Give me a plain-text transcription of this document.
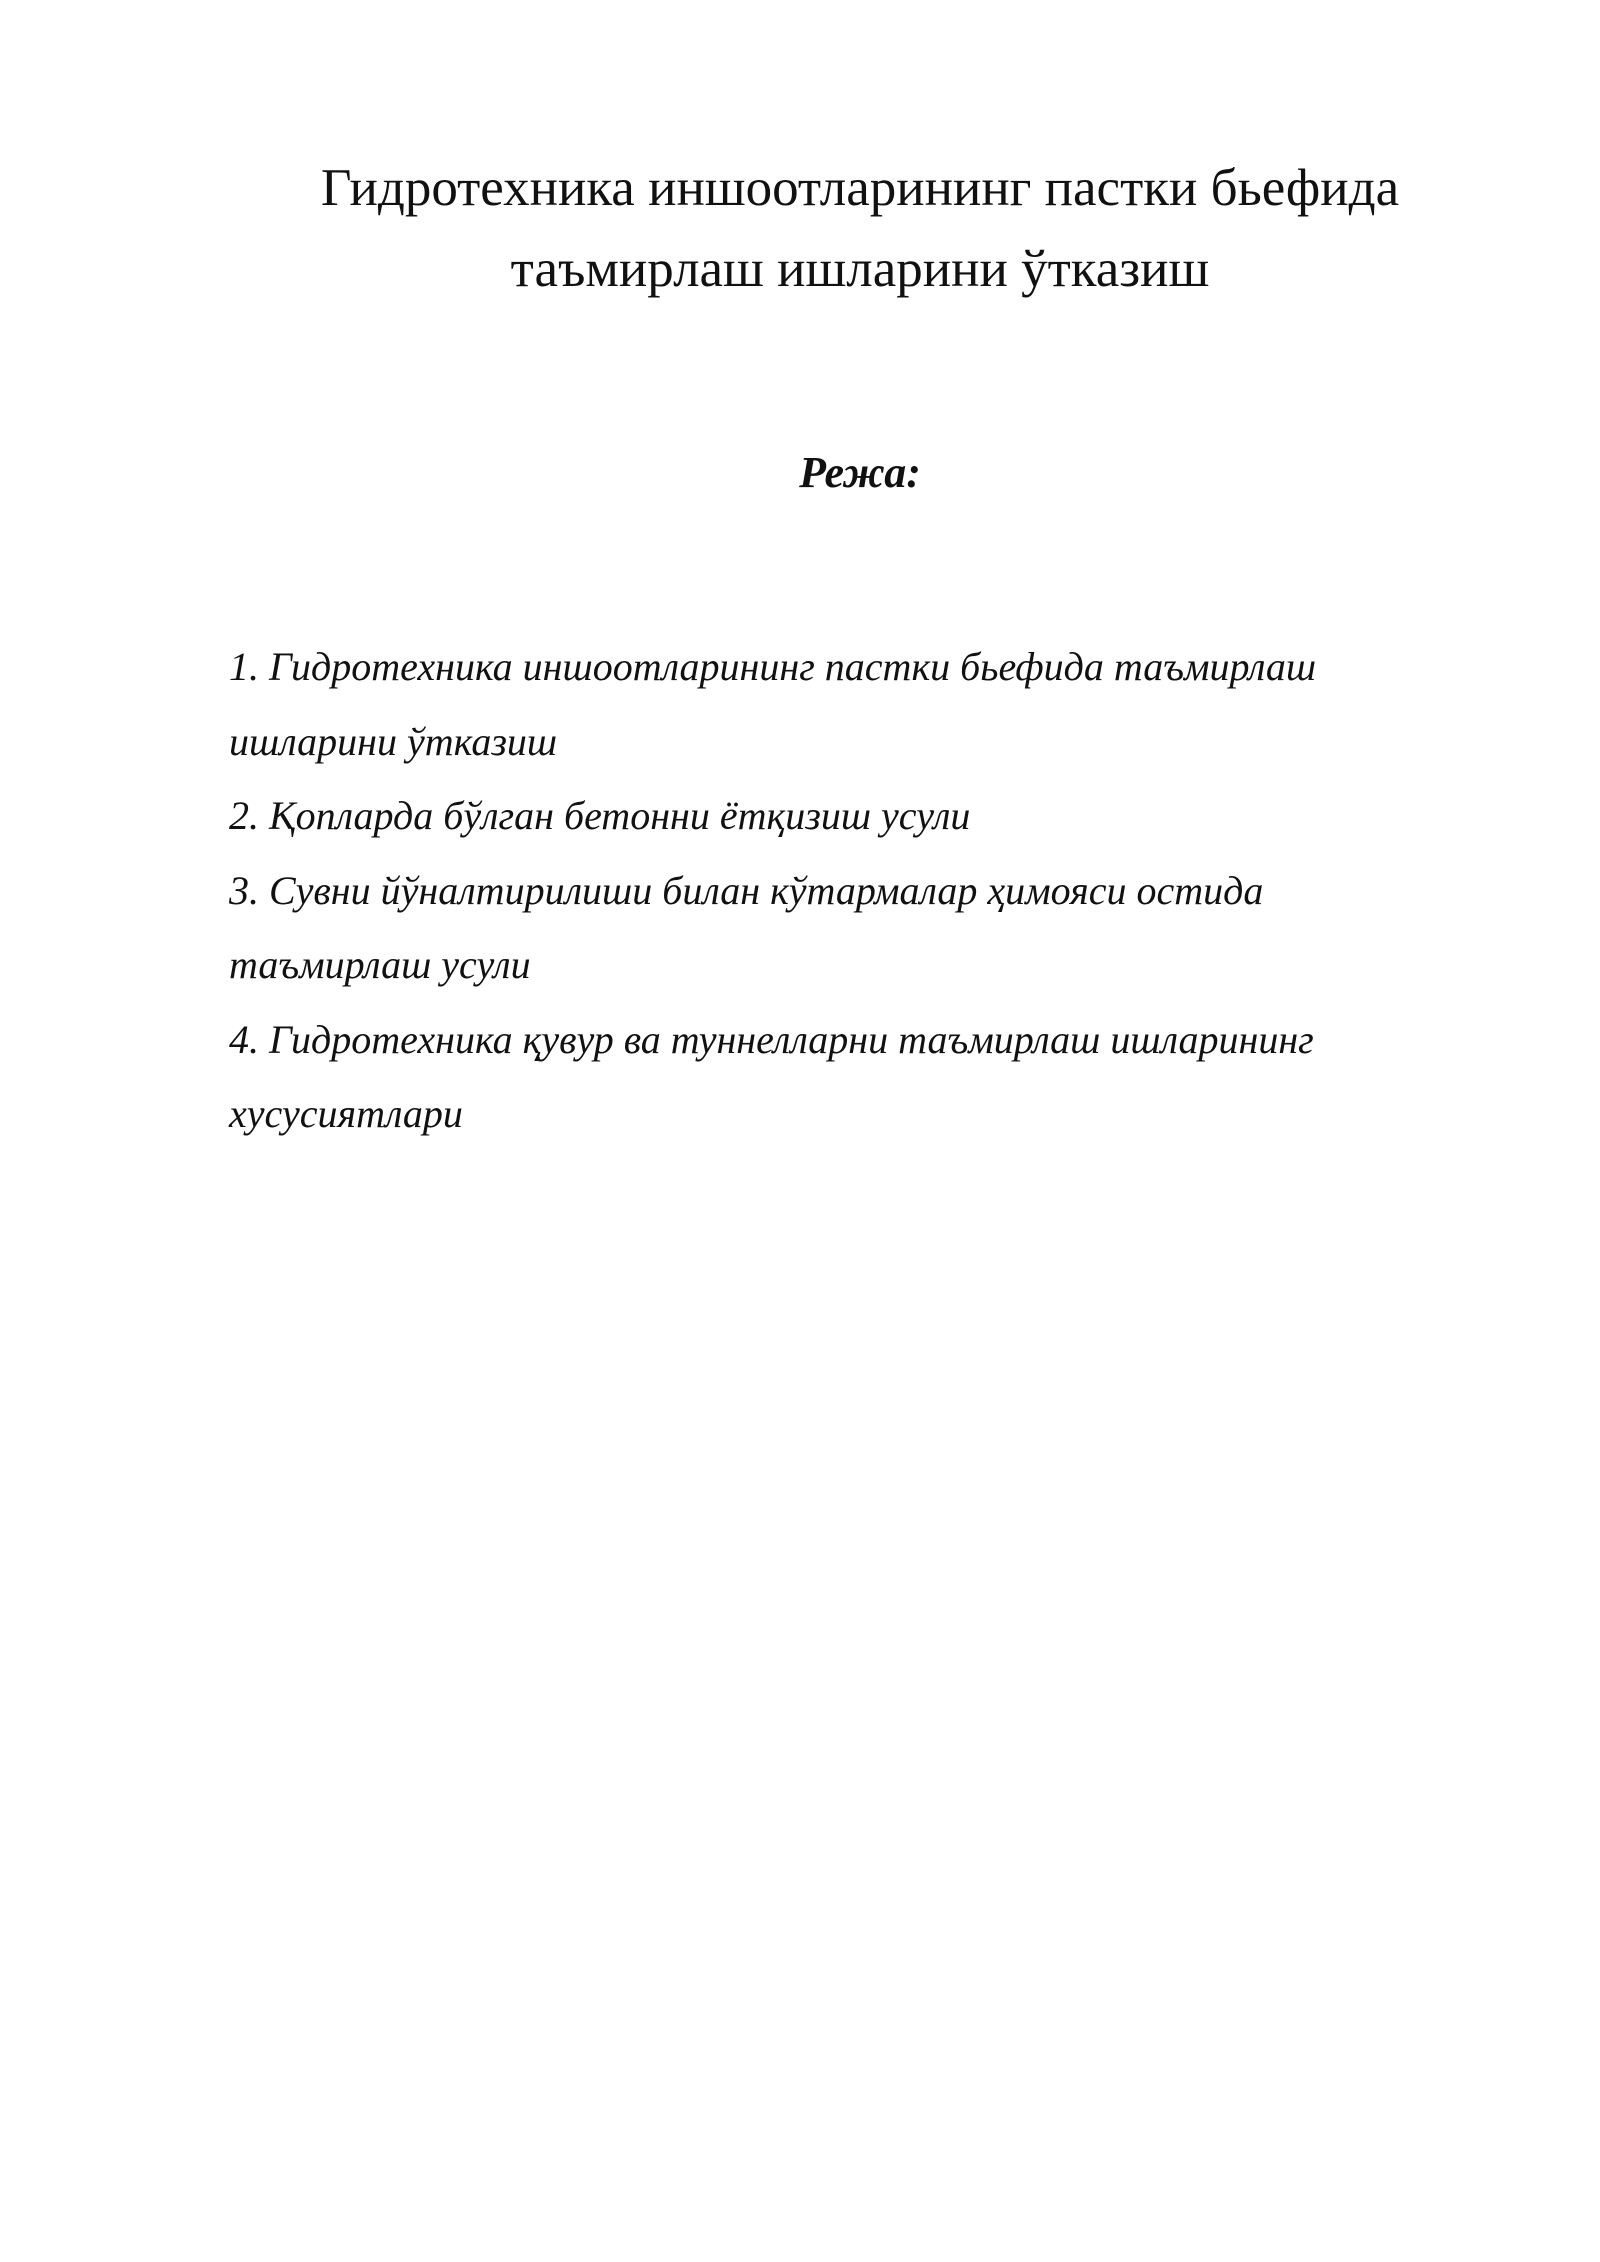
Гидротехника иншоотларининг пастки бьефида
таъмирлаш ишларини ўтказиш
Режа:
1. Гидротехника иншоотларининг пастки бьефида таъмирлаш ишларини ўтказиш
2. Қопларда бўлган бетонни ётқизиш усули
3. Сувни йўналтирилиши билан кўтармалар ҳимояси остида таъмирлаш усули
4. Гидротехника қувур ва туннелларни таъмирлаш ишларининг хусусиятлари
